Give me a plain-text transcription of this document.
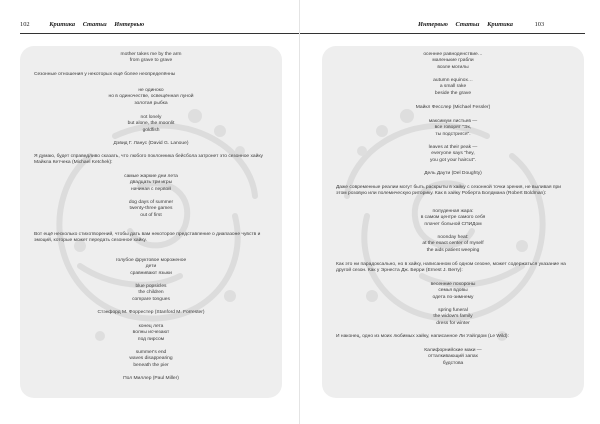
102	Критика Статьи Интервью
mother takes me by the arm
from grave to grave
Сезонные отношения у некоторых ещё более неопределённы
не одиноко
но в одиночестве, освещённая луной
золотая рыбка
not lonely
but alone, the moonlit
goldfish
Дэвид Г. Ланус (David G. Lanoue)
Я думаю, будет справедливо сказать, что любого поклонника бейсбола затронет это сезонное хайку Майкла Кетчека (Michael Ketchek):
самые жаркие дни лета
двадцать три игры
начиная с первой
dog days of summer
twenty-three games
out of first
Вот ещё несколько стихотворений, чтобы дать вам некоторое представление о диапазоне чувств и эмоций, которые может передать сезонное хайку.
голубое фруктовое мороженое
дети
сравнивают языки
blue popsicles
the children
compare tongues
Стэнфорд М. Форрестер (Stanford M. Forrester)
конец лета
волны исчезают
под пирсом
summer's end
waves disappearing
beneath the pier
Пол Миллер (Paul Miller)
Интервью Статьи Критика	103
осеннее равноденствие…
маленькие грабли
возле могилы
autumn equinox…
a small rake
beside the grave
Майкл Фесслер (Michael Fessler)
максимум листьев —
все говорят "Эх,
ты подстригся".
leaves at their peak —
everyone says "hey,
you got your haircut".
Дель Даути (Del Doughty)
Даже современные реалии могут быть раскрыты в хайку с сезонной точки зрения, не выливая при этом розовую или полемическую риторику. Как в хайку Роберта Болдмана (Robert Boldman):
полуденная жара:
в самом центре самого себя
плачет больной СПИДом
noonday heat:
at the exact center of myself
the aids patient weeping
Как это ни парадоксально, но в хайку, написанном об одном сезоне, может содержаться указание на другой сезон. Как у Эрнеста Дж. Берри (Ernest J. Berry):
весенние похороны
семья вдовы
одета по-зимнему
spring funeral
the widow's family
dress for winter
И наконец, одно из моих любимых хайку, написанное Ли Уайлдом (Le Wild):
Калифорнийские маки —
отталкивающий запах
будстова
